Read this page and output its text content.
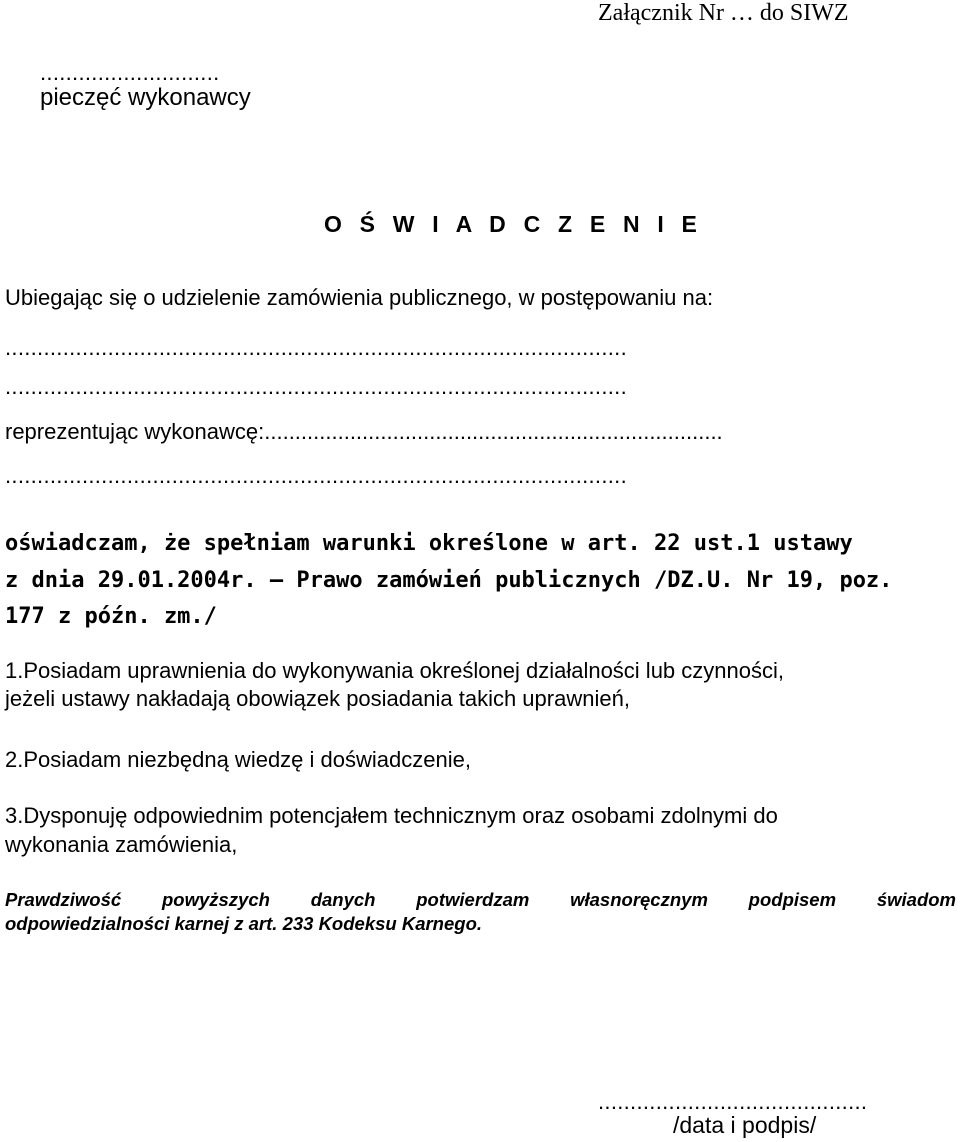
Załącznik Nr … do SIWZ
............................
pieczęć wykonawcy
O Ś W I A D C Z E N I E
Ubiegając się o udzielenie zamówienia publicznego, w postępowaniu na:
.................................................................................................
.................................................................................................
reprezentując wykonawcę:...........................................................................
.................................................................................................
oświadczam, że spełniam warunki określone w art. 22 ust.1 ustawy
z dnia 29.01.2004r. – Prawo zamówień publicznych /DZ.U. Nr 19, poz.
177 z późn. zm./
1.Posiadam uprawnienia do wykonywania określonej działalności lub czynności,
jeżeli ustawy nakładają obowiązek posiadania takich uprawnień,
2.Posiadam niezbędną wiedzę i doświadczenie,
3.Dysponuję odpowiednim potencjałem technicznym oraz osobami zdolnymi do
wykonania zamówienia,
Prawdziwość powyższych danych potwierdzam własnoręcznym podpisem świadom
odpowiedzialności karnej z art. 233 Kodeksu Karnego.
..........................................
/data i podpis/
